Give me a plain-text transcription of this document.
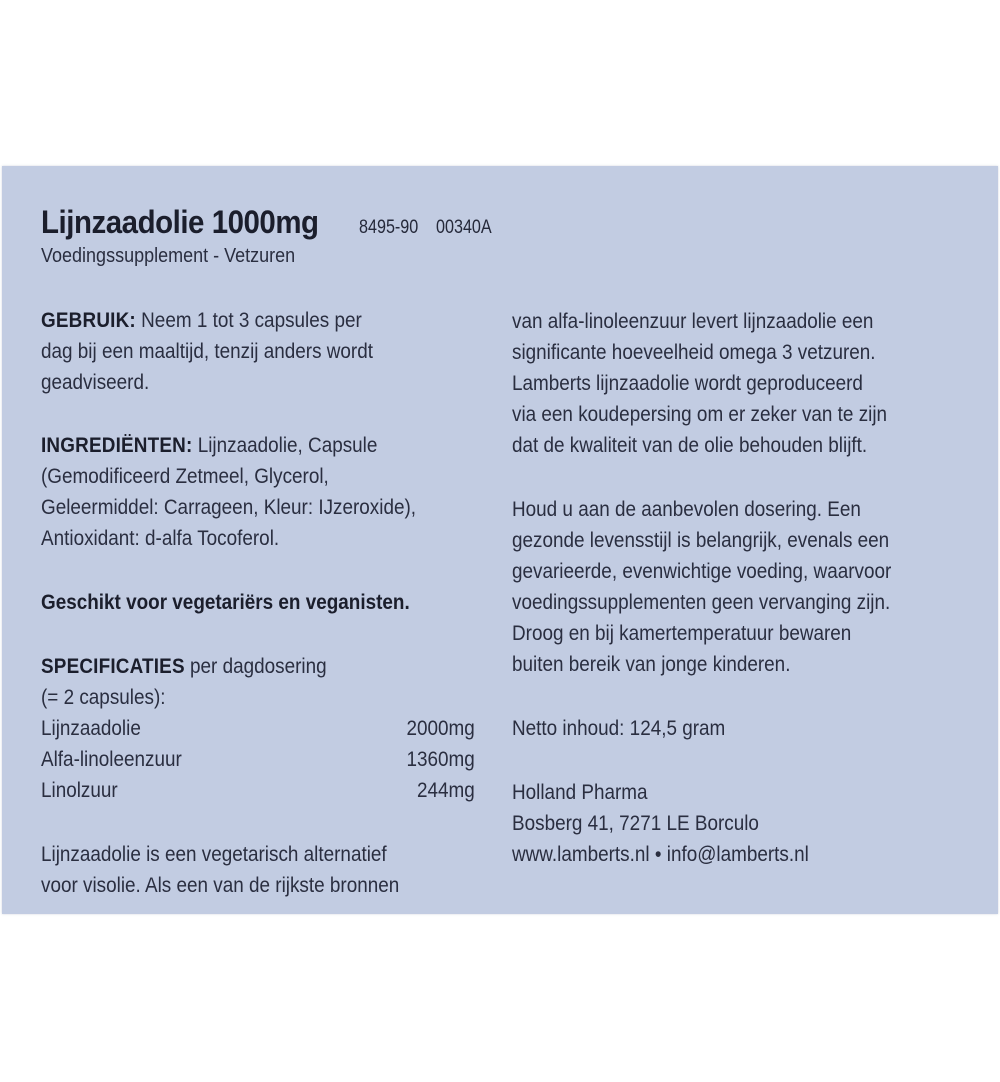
Lijnzaadolie 1000mg 8495-90 00340A
Voedingssupplement - Vetzuren
GEBRUIK: Neem 1 tot 3 capsules per
dag bij een maaltijd, tenzij anders wordt
geadviseerd.
INGREDIËNTEN: Lijnzaadolie, Capsule
(Gemodificeerd Zetmeel, Glycerol,
Geleermiddel: Carrageen, Kleur: IJzeroxide),
Antioxidant: d-alfa Tocoferol.
Geschikt voor vegetariërs en veganisten.
SPECIFICATIES per dagdosering
(= 2 capsules):
Lijnzaadolie	2000mg
Alfa-linoleenzuur	1360mg
Linolzuur	244mg
Lijnzaadolie is een vegetarisch alternatief
voor visolie. Als een van de rijkste bronnen
van alfa-linoleenzuur levert lijnzaadolie een
significante hoeveelheid omega 3 vetzuren.
Lamberts lijnzaadolie wordt geproduceerd
via een koudepersing om er zeker van te zijn
dat de kwaliteit van de olie behouden blijft.
Houd u aan de aanbevolen dosering. Een
gezonde levensstijl is belangrijk, evenals een
gevarieerde, evenwichtige voeding, waarvoor
voedingssupplementen geen vervanging zijn.
Droog en bij kamertemperatuur bewaren
buiten bereik van jonge kinderen.
Netto inhoud: 124,5 gram
Holland Pharma
Bosberg 41, 7271 LE Borculo
www.lamberts.nl • info@lamberts.nl
